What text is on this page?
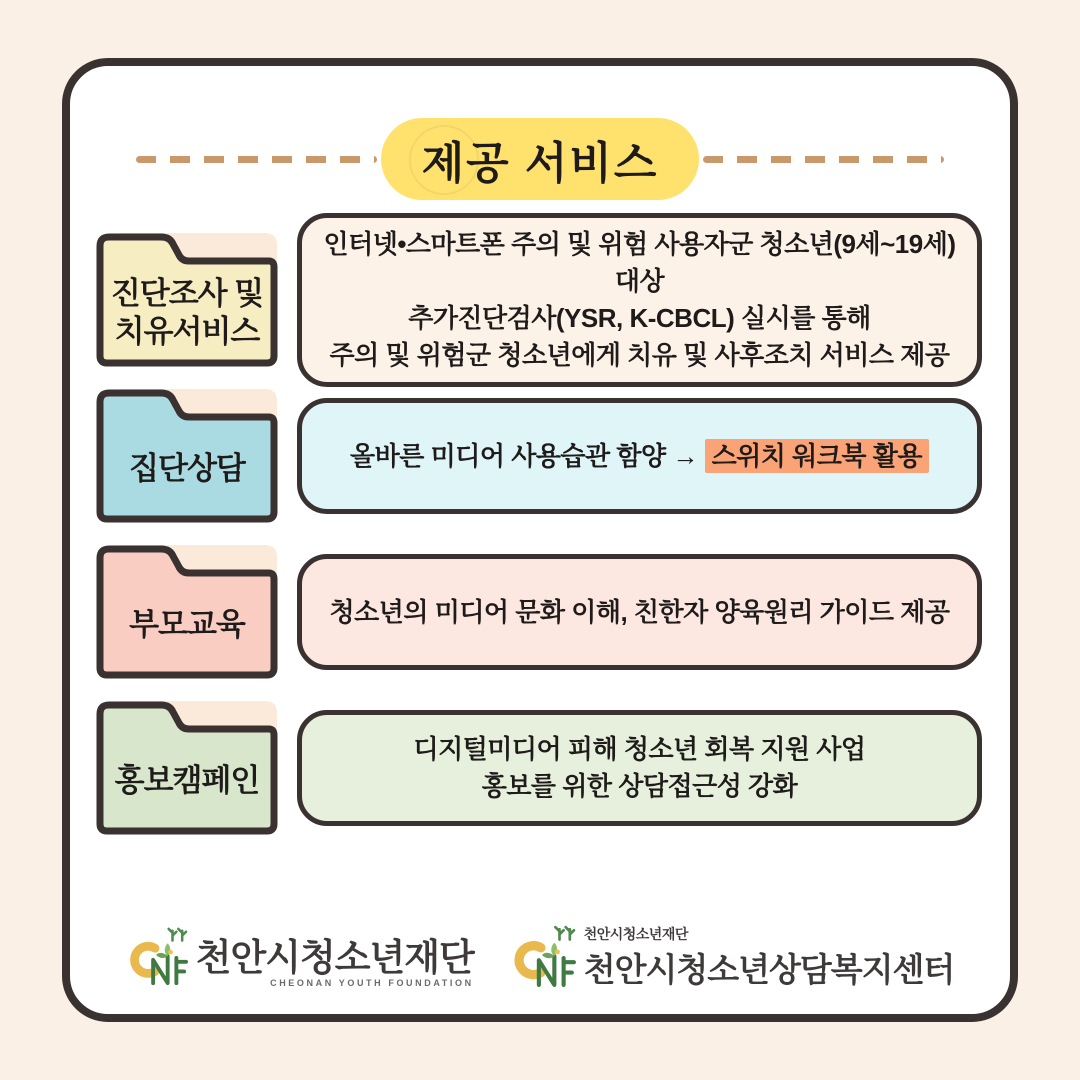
제공 서비스
진단조사 및
치유서비스
인터넷•스마트폰 주의 및 위험 사용자군 청소년(9세~19세) 대상
추가진단검사(YSR, K-CBCL) 실시를 통해
주의 및 위험군 청소년에게 치유 및 사후조치 서비스 제공
집단상담	올바른 미디어 사용습관 함양 → 스위치 워크북 활용
부모교육	청소년의 미디어 문화 이해, 친한자 양육원리 가이드 제공
홍보캠페인
디지털미디어 피해 청소년 회복 지원 사업
홍보를 위한 상담접근성 강화
천안시청소년재단
CHEONAN YOUTH FOUNDATION
천안시청소년재단
천안시청소년상담복지센터
